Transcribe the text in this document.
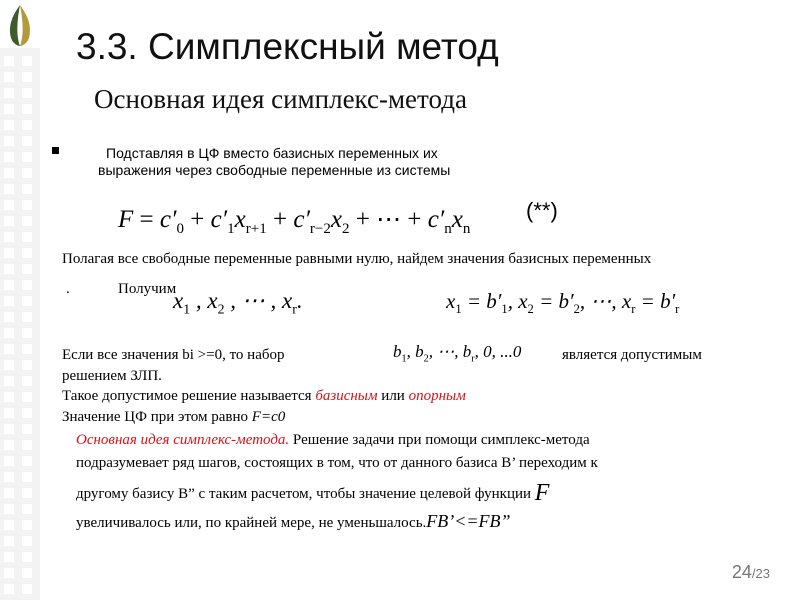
3.3. Симплексный метод
Основная идея симплекс-метода
Подставляя в ЦФ вместо базисных переменных их
выражения через свободные переменные из системы
$F = c'_0 + c'_1x_{r+1} + c'_{r-2}x_2$ + ⋯ + $c'_nx_n$
(**)
Полагая все свободные переменные равными нулю, найдем значения базисных переменных
.	Получим
$x_1$ , $x_2$ , ⋯ , $x_r$.	$x_1 = b'_1$, $x_2 = b'_2$, ⋯, $x_r = b'_r$
Если все значения bi >=0, то набор	$b_1$, $b_2$, ⋯, $b_r$, 0, ...0	является допустимым
решением ЗЛП.
Такое допустимое решение называется базисным или опорным
Значение ЦФ при этом равно F=c0
Основная идея симплекс-метода. Решение задачи при помощи симплекс-метода
подразумевает ряд шагов, состоящих в том, что от данного базиса B’ переходим к
другому базису B” с таким расчетом, чтобы значение целевой функции F
увеличивалось или, по крайней мере, не уменьшалось.FB’<=FB”
24/23
